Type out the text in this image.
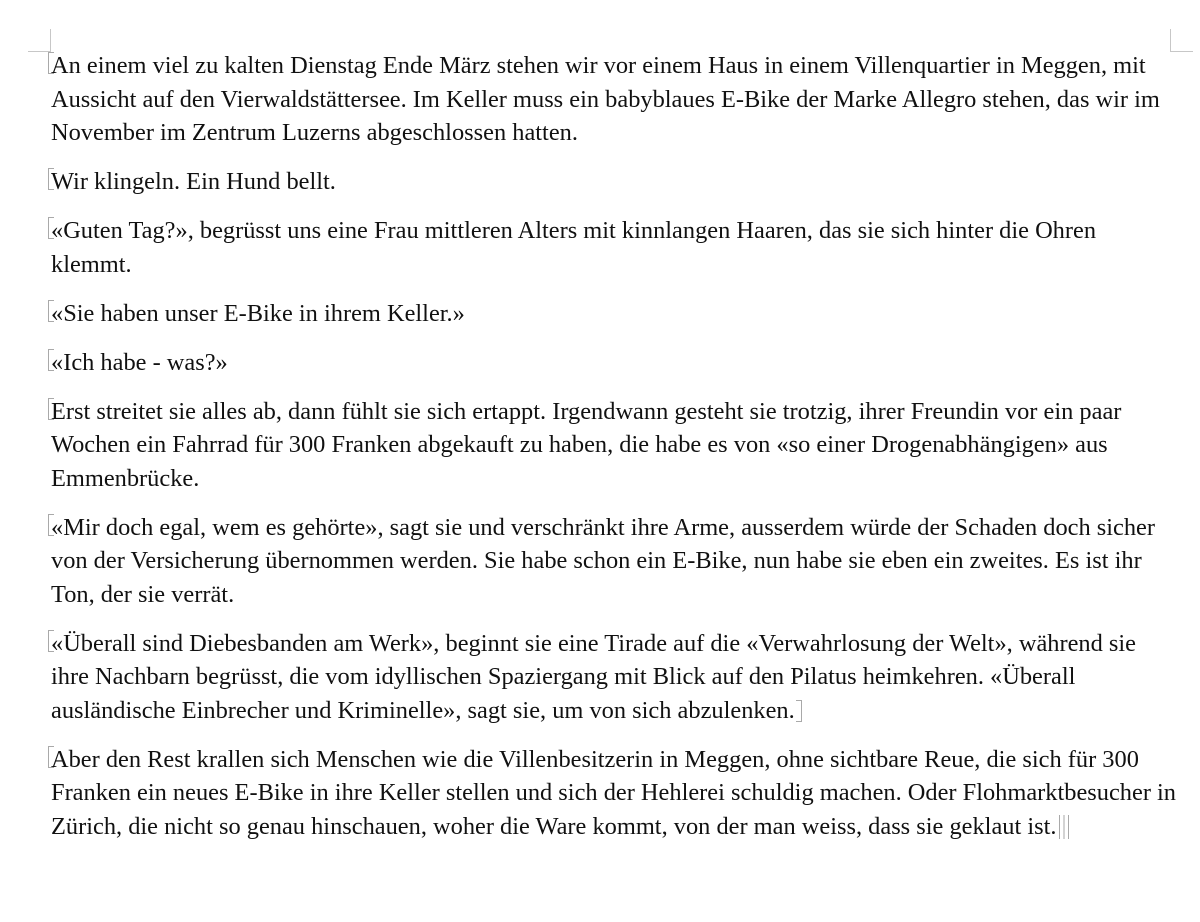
An einem viel zu kalten Dienstag Ende März stehen wir vor einem Haus in einem Villenquartier in Meggen, mit Aussicht auf den Vierwaldstättersee. Im Keller muss ein babyblaues E-Bike der Marke Allegro stehen, das wir im November im Zentrum Luzerns abgeschlossen hatten.

Wir klingeln. Ein Hund bellt.

«Guten Tag?», begrüsst uns eine Frau mittleren Alters mit kinnlangen Haaren, das sie sich hinter die Ohren klemmt.

«Sie haben unser E-Bike in ihrem Keller.»

«Ich habe - was?»

Erst streitet sie alles ab, dann fühlt sie sich ertappt. Irgendwann gesteht sie trotzig, ihrer Freundin vor ein paar Wochen ein Fahrrad für 300 Franken abgekauft zu haben, die habe es von «so einer Drogenabhängigen» aus Emmenbrücke.

«Mir doch egal, wem es gehörte», sagt sie und verschränkt ihre Arme, ausserdem würde der Schaden doch sicher von der Versicherung übernommen werden. Sie habe schon ein E-Bike, nun habe sie eben ein zweites. Es ist ihr Ton, der sie verrät.

«Überall sind Diebesbanden am Werk», beginnt sie eine Tirade auf die «Verwahrlosung der Welt», während sie ihre Nachbarn begrüsst, die vom idyllischen Spaziergang mit Blick auf den Pilatus heimkehren. «Überall ausländische Einbrecher und Kriminelle», sagt sie, um von sich abzulenken.

Aber den Rest krallen sich Menschen wie die Villenbesitzerin in Meggen, ohne sichtbare Reue, die sich für 300 Franken ein neues E-Bike in ihre Keller stellen und sich der Hehlerei schuldig machen. Oder Flohmarktbesucher in Zürich, die nicht so genau hinschauen, woher die Ware kommt, von der man weiss, dass sie geklaut ist.
